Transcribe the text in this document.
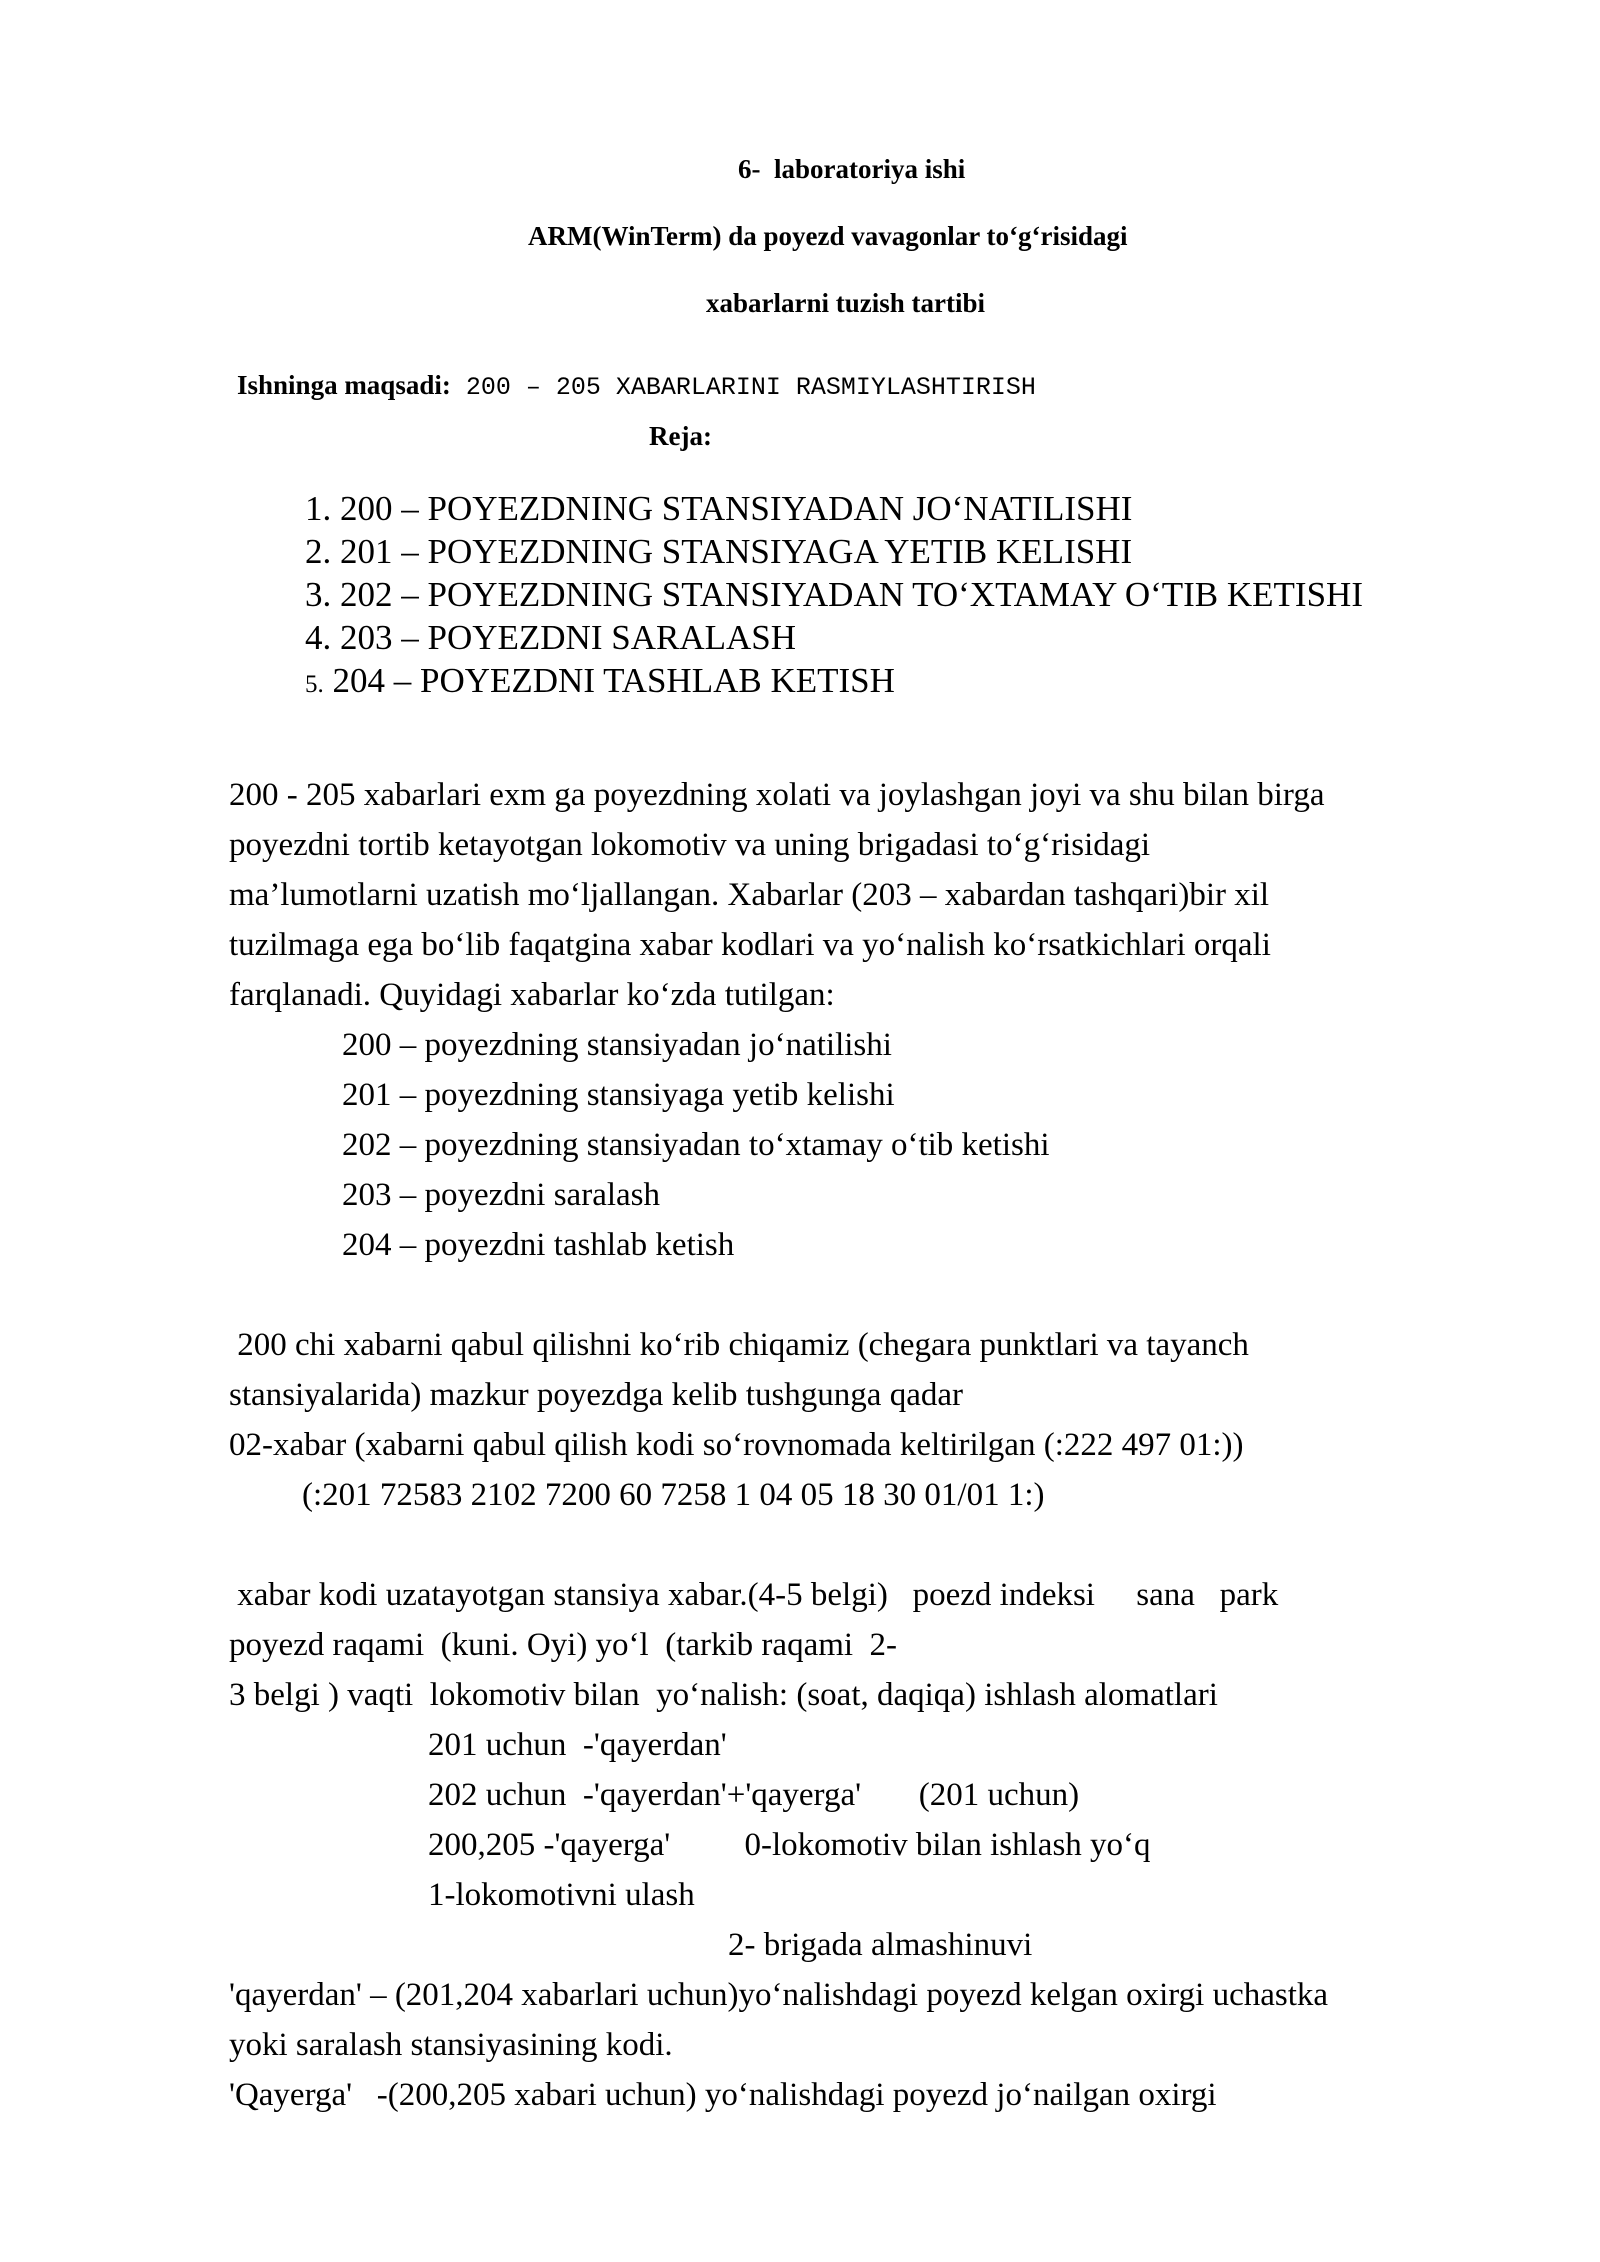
6-  laboratoriya ishi
ARM(WinTerm) da poyezd vavagonlar to‘g‘risidagi
xabarlarni tuzish tartibi

Ishninga maqsadi: 200 – 205 XABARLARINI RASMIYLASHTIRISH

Reja:
1. 200 – POYEZDNING STANSIYADAN JO‘NATILISHI
2. 201 – POYEZDNING STANSIYAGA YETIB KELISHI
3. 202 – POYEZDNING STANSIYADAN TO‘XTAMAY O‘TIB KETISHI
4. 203 – POYEZDNI SARALASH
5. 204 – POYEZDNI TASHLAB KETISH
200 - 205 xabarlari exm ga poyezdning xolati va joylashgan joyi va shu bilan birga
poyezdni tortib ketayotgan lokomotiv va uning brigadasi to‘g‘risidagi
ma’lumotlarni uzatish mo‘ljallangan. Xabarlar (203 – xabardan tashqari)bir xil
tuzilmaga ega bo‘lib faqatgina xabar kodlari va yo‘nalish ko‘rsatkichlari orqali
farqlanadi. Quyidagi xabarlar ko‘zda tutilgan:
200 – poyezdning stansiyadan jo‘natilishi
201 – poyezdning stansiyaga yetib kelishi
202 – poyezdning stansiyadan to‘xtamay o‘tib ketishi
203 – poyezdni saralash
204 – poyezdni tashlab ketish
200 chi xabarni qabul qilishni ko‘rib chiqamiz (chegara punktlari va tayanch
stansiyalarida) mazkur poyezdga kelib tushgunga qadar
02-xabar (xabarni qabul qilish kodi so‘rovnomada keltirilgan (:222 497 01:))
(:201 72583 2102 7200 60 7258 1 04 05 18 30 01/01 1:)
xabar kodi uzatayotgan stansiya xabar.(4-5 belgi)   poezd indeksi     sana   park
poyezd raqami  (kuni. Oyi) yo‘l  (tarkib raqami  2-
3 belgi ) vaqti  lokomotiv bilan  yo‘nalish: (soat, daqiqa) ishlash alomatlari
201 uchun  -'qayerdan'
202 uchun  -'qayerdan'+'qayerga'       (201 uchun)
200,205 -'qayerga'         0-lokomotiv bilan ishlash yo‘q
1-lokomotivni ulash
2- brigada almashinuvi
'qayerdan' – (201,204 xabarlari uchun)yo‘nalishdagi poyezd kelgan oxirgi uchastka
yoki saralash stansiyasining kodi.
'Qayerga'   -(200,205 xabari uchun) yo‘nalishdagi poyezd jo‘nailgan oxirgi
